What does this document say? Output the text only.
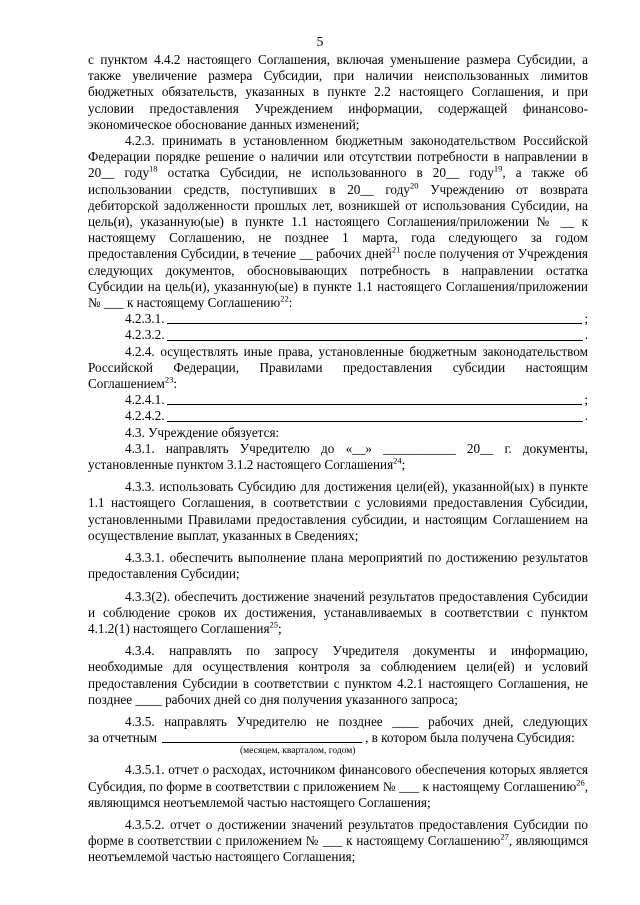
5

с пунктом 4.4.2 настоящего Соглашения, включая уменьшение размера Субсидии, а также увеличение размера Субсидии, при наличии неиспользованных лимитов бюджетных обязательств, указанных в пункте 2.2 настоящего Соглашения, и при условии предоставления Учреждением информации, содержащей финансово-экономическое обоснование данных изменений;

4.2.3. принимать в установленном бюджетным законодательством Российской Федерации порядке решение о наличии или отсутствии потребности в направлении в 20__ году$^{18}$ остатка Субсидии, не использованного в 20__ году$^{19}$, а также об использовании средств, поступивших в 20__ году$^{20}$ Учреждению от возврата дебиторской задолженности прошлых лет, возникшей от использования Субсидии, на цель(и), указанную(ые) в пункте 1.1 настоящего Соглашения/приложении № __ к настоящему Соглашению, не позднее 1 марта, года следующего за годом предоставления Субсидии, в течение __ рабочих дней$^{21}$ после получения от Учреждения следующих документов, обосновывающих потребность в направлении остатка Субсидии на цель(и), указанную(ые) в пункте 1.1 настоящего Соглашения/приложении № ___ к настоящему Соглашению$^{22}$:

4.2.3.1.	;

4.2.3.2.	.

4.2.4. осуществлять иные права, установленные бюджетным законодательством Российской Федерации, Правилами предоставления субсидии настоящим Соглашением$^{23}$:

4.2.4.1.	;

4.2.4.2.	.

4.3. Учреждение обязуется:

4.3.1. направлять Учредителю до «__» ___________ 20__ г. документы, установленные пунктом 3.1.2 настоящего Соглашения$^{24}$;

4.3.3. использовать Субсидию для достижения цели(ей), указанной(ых) в пункте 1.1 настоящего Соглашения, в соответствии с условиями предоставления Субсидии, установленными Правилами предоставления субсидии, и настоящим Соглашением на осуществление выплат, указанных в Сведениях;

4.3.3.1. обеспечить выполнение плана мероприятий по достижению результатов предоставления Субсидии;

4.3.3(2). обеспечить достижение значений результатов предоставления Субсидии и соблюдение сроков их достижения, устанавливаемых в соответствии с пунктом 4.1.2(1) настоящего Соглашения$^{25}$;

4.3.4. направлять по запросу Учредителя документы и информацию, необходимые для осуществления контроля за соблюдением цели(ей) и условий предоставления Субсидии в соответствии с пунктом 4.2.1 настоящего Соглашения, не позднее ____ рабочих дней со дня получения указанного запроса;

4.3.5. направлять Учредителю не позднее ____ рабочих дней, следующих

за отчетным	, в котором была получена Субсидия:

(месяцем, кварталом, годом)

4.3.5.1. отчет о расходах, источником финансового обеспечения которых является Субсидия, по форме в соответствии с приложением № ___ к настоящему Соглашению$^{26}$, являющимся неотъемлемой частью настоящего Соглашения;

4.3.5.2. отчет о достижении значений результатов предоставления Субсидии по форме в соответствии с приложением № ___ к настоящему Соглашению$^{27}$, являющимся неотъемлемой частью настоящего Соглашения;
